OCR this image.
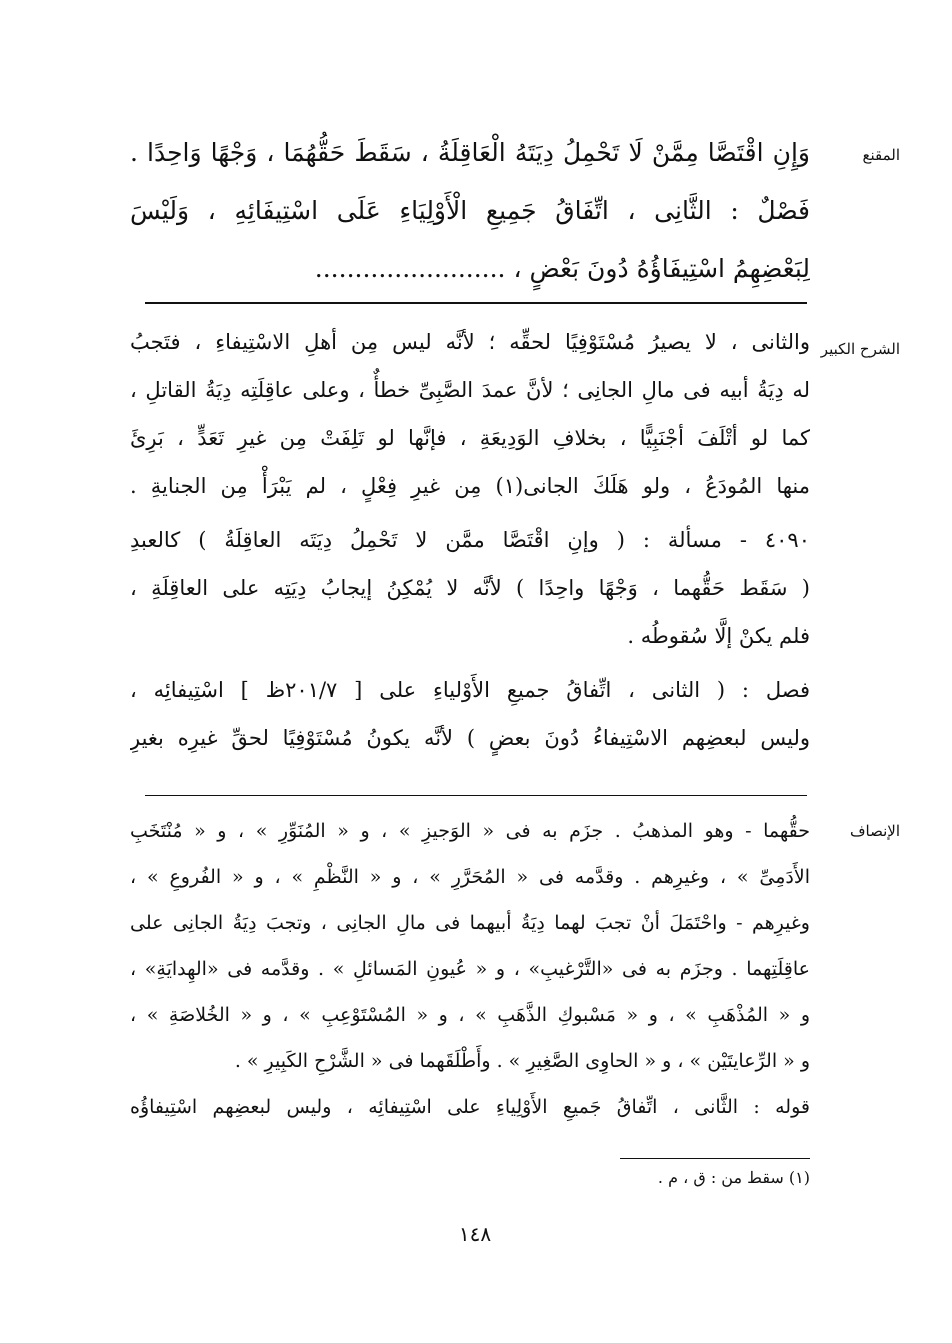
المقنع
وَإِنِ اقْتَصَّا مِمَّنْ لَا تَحْمِلُ دِيَتَهُ الْعَاقِلَةُ ، سَقَطَ حَقُّهُمَا ، وَجْهًا وَاحِدًا .
فَصْلٌ : الثَّانِى ، اتِّفَاقُ جَمِيعِ الْأَوْلِيَاءِ عَلَى اسْتِيفَائِهِ ، وَلَيْسَ
لِبَعْضِهِمُ اسْتِيفَاؤُهُ دُونَ بَعْضٍ ، ........................
الشرح الكبير
والثانى ، لا يصيرُ مُسْتَوْفِيًا لحقِّه ؛ لأنَّه ليس مِن أهلِ الاسْتِيفاءِ ، فتَجبُ
له دِيَةُ أبيه فى مالِ الجانِى ؛ لأنَّ عمدَ الصَّبِىِّ خطأٌ ، وعلى عاقِلَتِه دِيَةُ القاتلِ ،
كما لو أتْلَفَ أجْنَبِيًّا ، بخلافِ الوَدِيعَةِ ، فإنَّها لو تَلِفَتْ مِن غيرِ تَعَدٍّ ، بَرِئَ
منها المُودَعُ ، ولو هَلَكَ الجانى(١) مِن غيرِ فِعْلٍ ، لم يَبْرَأْ مِن الجنايةِ .
٤٠٩٠ - مسألة : ( وإنِ اقْتَصَّا ممَّن لا تَحْمِلُ دِيَتَه العاقِلَةُ ) كالعبدِ
( سَقَط حَقُّهما ، وَجْهًا واحِدًا ) لأنَّه لا يُمْكِنُ إيجابُ دِيَتِه على العاقِلَةِ ،
فلم يكنْ إلَّا سُقوطُه .
فصل : ( الثانى ، اتِّفاقُ جميعِ الأَوْلياءِ على [ ٢٠١/٧ظ ] اسْتِيفائِه ،
وليس لبعضِهم الاسْتِيفاءُ دُونَ بعضٍ ) لأنَّه يكونُ مُسْتَوْفِيًا لحقِّ غيرِه بغيرِ
الإنصاف
حقُّهما - وهو المذهبُ . جزَم به فى « الوَجيزِ » ، و « المُنَوِّرِ » ، و « مُنْتَخَبِ
الأَدَمِىِّ » ، وغيرِهم . وقدَّمه فى « المُحَرَّرِ » ، و « النَّظْمِ » ، و « الفُروعِ » ،
وغيرِهم - واحْتَمَلَ أنْ تجبَ لهما دِيَةُ أبيهما فى مالِ الجانِى ، وتجبَ دِيَةُ الجانِى على
عاقِلَتِهما . وجزَم به فى «التَّرْغيبِ» ، و « عُيونِ المَسائلِ » . وقدَّمه فى «الهِدايَةِ» ،
و « المُذْهَبِ » ، و « مَسْبوكِ الذَّهَبِ » ، و « المُسْتَوْعِبِ » ، و « الخُلاصَةِ » ،
و « الرِّعايتَيْن » ، و « الحاوِى الصَّغِيرِ » . وأَطْلَقَهما فى « الشَّرْحِ الكَبِيرِ » .
قوله : الثَّانى ، اتِّفاقُ جَميعِ الأَوْلِياءِ على اسْتِيفائِه ، وليس لبعضِهم اسْتِيفاؤُه
(١) سقط من : ق ، م .
١٤٨
